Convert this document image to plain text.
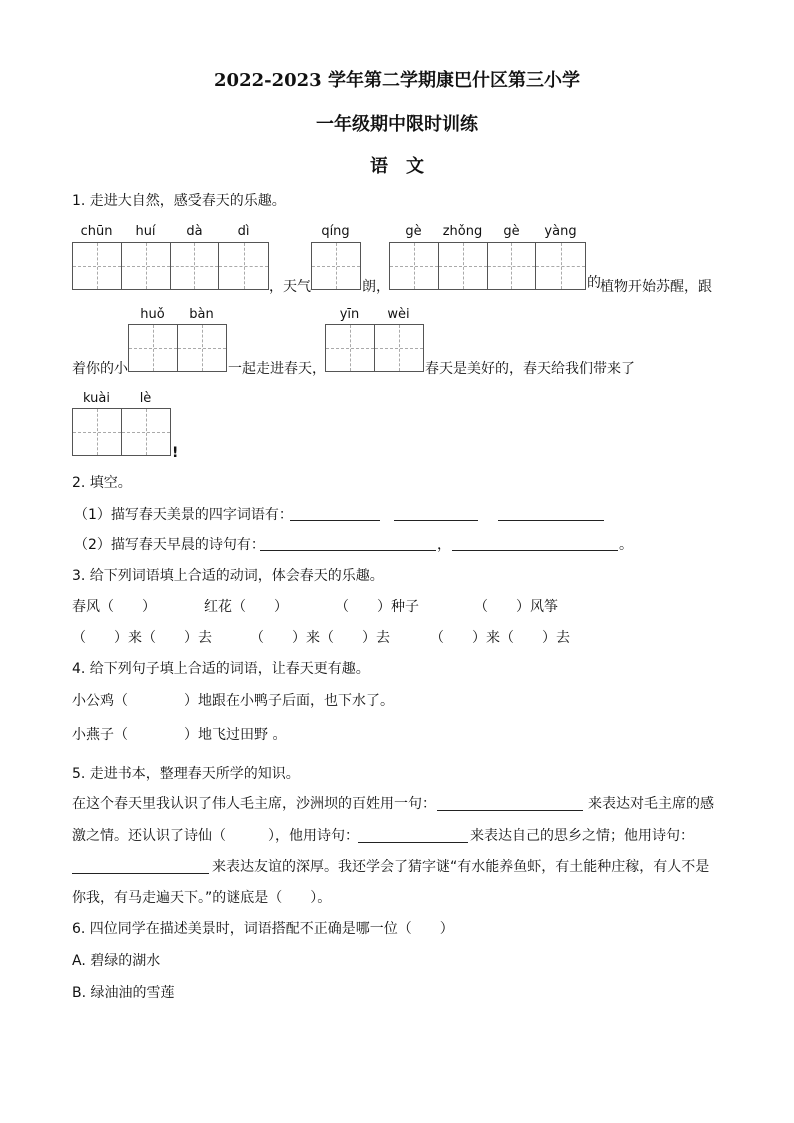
2022-2023 学年第二学期康巴什区第三小学
一年级期中限时训练
语　文
1. 走进大自然，感受春天的乐趣。
chūn	huí	dà	dì	qíng	gè	zhǒng	gè	yàng
，天气	朗，	的 植物开始苏醒，跟
huǒ	bàn	yīn	wèi
着你的小	一起走进春天，	春天是美好的，春天给我们带来了
kuài	lè
!
2. 填空。
（1）描写春天美景的四字词语有：
（2）描写春天早晨的诗句有：	，	。
3. 给下列词语填上合适的动词，体会春天的乐趣。
春风（　　）	红花（　　）	（　　）种子	（　　）风筝
（　　）来（　　）去	（　　）来（　　）去	（　　）来（　　）去
4. 给下列句子填上合适的词语，让春天更有趣。
小公鸡（　　　　）地跟在小鸭子后面，也下水了。
小燕子（　　　　）地飞过田野 。
5. 走进书本，整理春天所学的知识。
在这个春天里我认识了伟人毛主席，沙洲坝的百姓用一句：	来表达对毛主席的感
激之情。还认识了诗仙（　　　），他用诗句：	来表达自己的思乡之情；他用诗句：
来表达友谊的深厚。我还学会了猜字谜“有水能养鱼虾，有土能种庄稼，有人不是
你我，有马走遍天下。”的谜底是（　　）。
6. 四位同学在描述美景时，词语搭配不正确是哪一位（　　）
A. 碧绿的湖水
B. 绿油油的雪莲
